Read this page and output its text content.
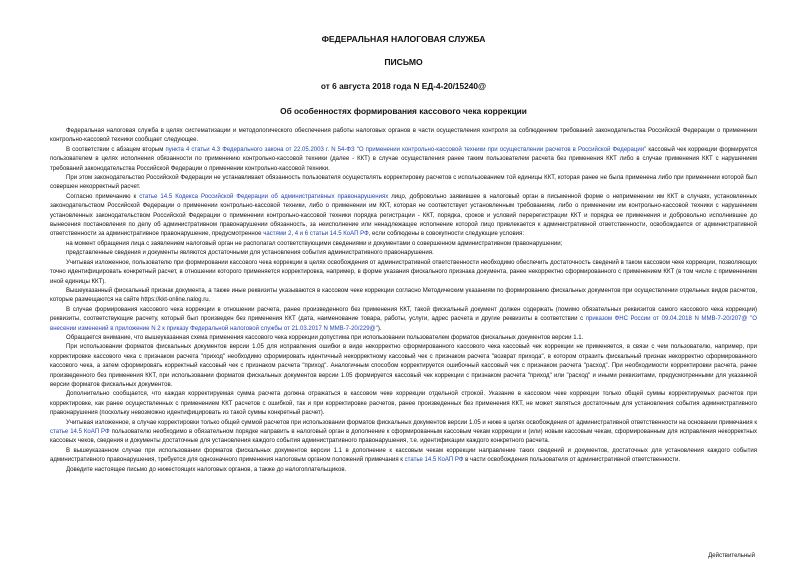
ФЕДЕРАЛЬНАЯ НАЛОГОВАЯ СЛУЖБА
ПИСЬМО
от 6 августа 2018 года N ЕД-4-20/15240@
Об особенностях формирования кассового чека коррекции

Федеральная налоговая служба в целях систематизации и методологического обеспечения работы налоговых органов в части осуществления контроля за соблюдением требований законодательства Российской Федерации о применении контрольно-кассовой техники сообщает следующее.

В соответствии с абзацем вторым пункта 4 статьи 4.3 Федерального закона от 22.05.2003 г. N 54-ФЗ "О применении контрольно-кассовой техники при осуществлении расчетов в Российской Федерации" кассовый чек коррекции формируется пользователем в целях исполнения обязанности по применению контрольно-кассовой техники (далее - ККТ) в случае осуществления ранее таким пользователем расчета без применения ККТ либо в случае применения ККТ с нарушением требований законодательства Российской Федерации о применении контрольно-кассовой техники.

При этом законодательство Российской Федерации не устанавливает обязанность пользователя осуществлять корректировку расчетов с использованием той единицы ККТ, которая ранее не была применена либо при применении которой был совершен некорректный расчет.

Согласно примечанию к статье 14.5 Кодекса Российской Федерации об административных правонарушениях лицо, добровольно заявившее в налоговый орган в письменной форме о неприменении им ККТ в случаях, установленных законодательством Российской Федерации о применении контрольно-кассовой техники, либо о применении им ККТ, которая не соответствует установленным требованиям, либо о применении им контрольно-кассовой техники с нарушением установленных законодательством Российской Федерации о применении контрольно-кассовой техники порядка регистрации - ККТ, порядка, сроков и условий перерегистрации ККТ и порядка ее применения и добровольно исполнившее до вынесения постановления по делу об административном правонарушении обязанность, за неисполнение или ненадлежащее исполнение которой лицо привлекается к административной ответственности, освобождается от административной ответственности за административное правонарушение, предусмотренное частями 2, 4 и 6 статьи 14.5 КоАП РФ, если соблюдены в совокупности следующие условия:

на момент обращения лица с заявлением налоговый орган не располагал соответствующими сведениями и документами о совершенном административном правонарушении;

представленные сведения и документы являются достаточными для установления события административного правонарушения.

Учитывая изложенное, пользователю при формировании кассового чека коррекции в целях освобождения от административной ответственности необходимо обеспечить достаточность сведений в таком кассовом чеке коррекции, позволяющих точно идентифицировать конкретный расчет, в отношении которого применяется корректировка, например, в форме указания фискального признака документа, ранее некорректно сформированного с применением ККТ (в том числе с применением иной единицы ККТ).

Вышеуказанный фискальный признак документа, а также иные реквизиты указываются в кассовом чеке коррекции согласно Методическим указаниям по формированию фискальных документов при осуществлении отдельных видов расчетов, которые размещаются на сайте https://kkt-online.nalog.ru.

В случае формирования кассового чека коррекции в отношении расчета, ранее произведенного без применения ККТ, такой фискальный документ должен содержать (помимо обязательных реквизитов самого кассового чека коррекции) реквизиты, соответствующие расчету, который был произведен без применения ККТ (дата, наименование товара, работы, услуги, адрес расчета и другие реквизиты в соответствии с приказом ФНС России от 09.04.2018 N ММВ-7-20/207@ "О внесении изменений в приложение N 2 к приказу Федеральной налоговой службы от 21.03.2017 N ММВ-7-20/229@").

Обращается внимание, что вышеуказанная схема применения кассового чека коррекции допустима при использовании пользователем форматов фискальных документов версии 1.1.

При использовании форматов фискальных документов версии 1.05 для исправления ошибки в виде некорректно сформированного кассового чека кассовый чек коррекции не применяется, в связи с чем пользователю, например, при корректировке кассового чека с признаком расчета "приход" необходимо сформировать идентичный некорректному кассовый чек с признаком расчета "возврат прихода", в котором отразить фискальный признак некорректно сформированного кассового чека, а затем сформировать корректный кассовый чек с признаком расчета "приход". Аналогичным способом корректируется ошибочный кассовый чек с признаком расчета "расход". При необходимости корректировки расчета, ранее произведенного без применения ККТ, при использовании форматов фискальных документов версии 1.05 формируется кассовый чек коррекции с признаком расчета "приход" или "расход" и иными реквизитами, предусмотренными для указанной версии форматов фискальных документов.

Дополнительно сообщается, что каждая корректируемая сумма расчета должна отражаться в кассовом чеке коррекции отдельной строкой. Указание в кассовом чеке коррекции только общей суммы корректируемых расчетов при корректировке, как ранее осуществленных с применением ККТ расчетов с ошибкой, так и при корректировке расчетов, ранее произведенных без применения ККТ, не может являться достаточным для установления события административного правонарушения (поскольку невозможно идентифицировать из такой суммы конкретный расчет).

Учитывая изложенное, в случае корректировки только общей суммой расчетов при использовании форматов фискальных документов версии 1.05 и ниже в целях освобождения от административной ответственности на основании примечания к статье 14.5 КоАП РФ пользователю необходимо в обязательном порядке направить в налоговый орган в дополнение к сформированным кассовым чекам коррекции и (или) новым кассовым чекам, сформированным для исправления некорректных кассовых чеков, сведения и документы достаточные для установления каждого события административного правонарушения, т.е. идентификации каждого конкретного расчета.

В вышеуказанном случае при использовании форматов фискальных документов версии 1.1 в дополнение к кассовым чекам коррекции направление таких сведений и документов, достаточных для установления каждого события административного правонарушения, требуется для однозначного применения налоговым органом положений примечания к статье 14.5 КоАП РФ в части освобождения пользователя от административной ответственности.

Доведите настоящее письмо до нижестоящих налоговых органов, а также до налогоплательщиков.

Действительный
